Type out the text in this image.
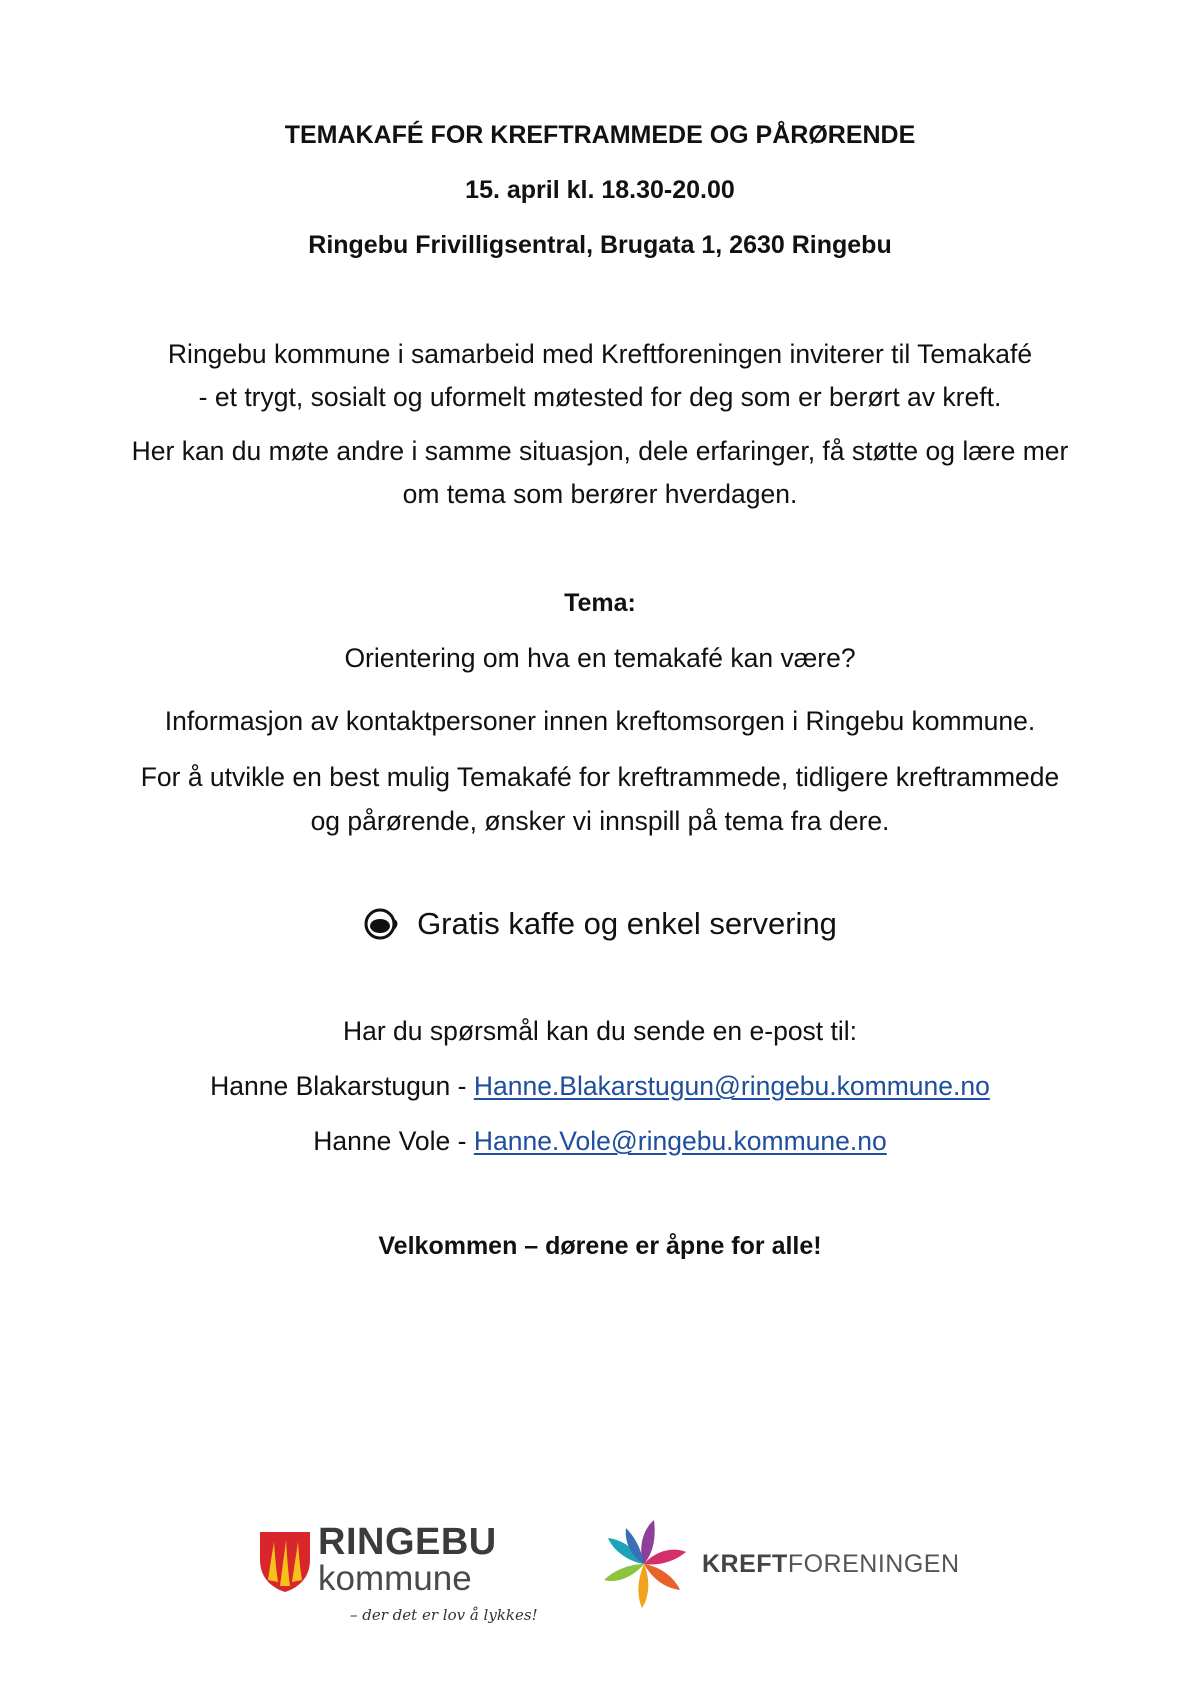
TEMAKAFÉ FOR KREFTRAMMEDE OG PÅRØRENDE
15. april kl. 18.30-20.00
Ringebu Frivilligsentral, Brugata 1, 2630 Ringebu
Ringebu kommune i samarbeid med Kreftforeningen inviterer til Temakafé
- et trygt, sosialt og uformelt møtested for deg som er berørt av kreft.
Her kan du møte andre i samme situasjon, dele erfaringer, få støtte og lære mer
om tema som berører hverdagen.
Tema:
Orientering om hva en temakafé kan være?
Informasjon av kontaktpersoner innen kreftomsorgen i Ringebu kommune.
For å utvikle en best mulig Temakafé for kreftrammede, tidligere kreftrammede
og pårørende, ønsker vi innspill på tema fra dere.
Gratis kaffe og enkel servering
Har du spørsmål kan du sende en e-post til:
Hanne Blakarstugun - Hanne.Blakarstugun@ringebu.kommune.no
Hanne Vole - Hanne.Vole@ringebu.kommune.no
Velkommen – dørene er åpne for alle!
RINGEBU
kommune
– der det er lov å lykkes!
KREFTFORENINGEN
